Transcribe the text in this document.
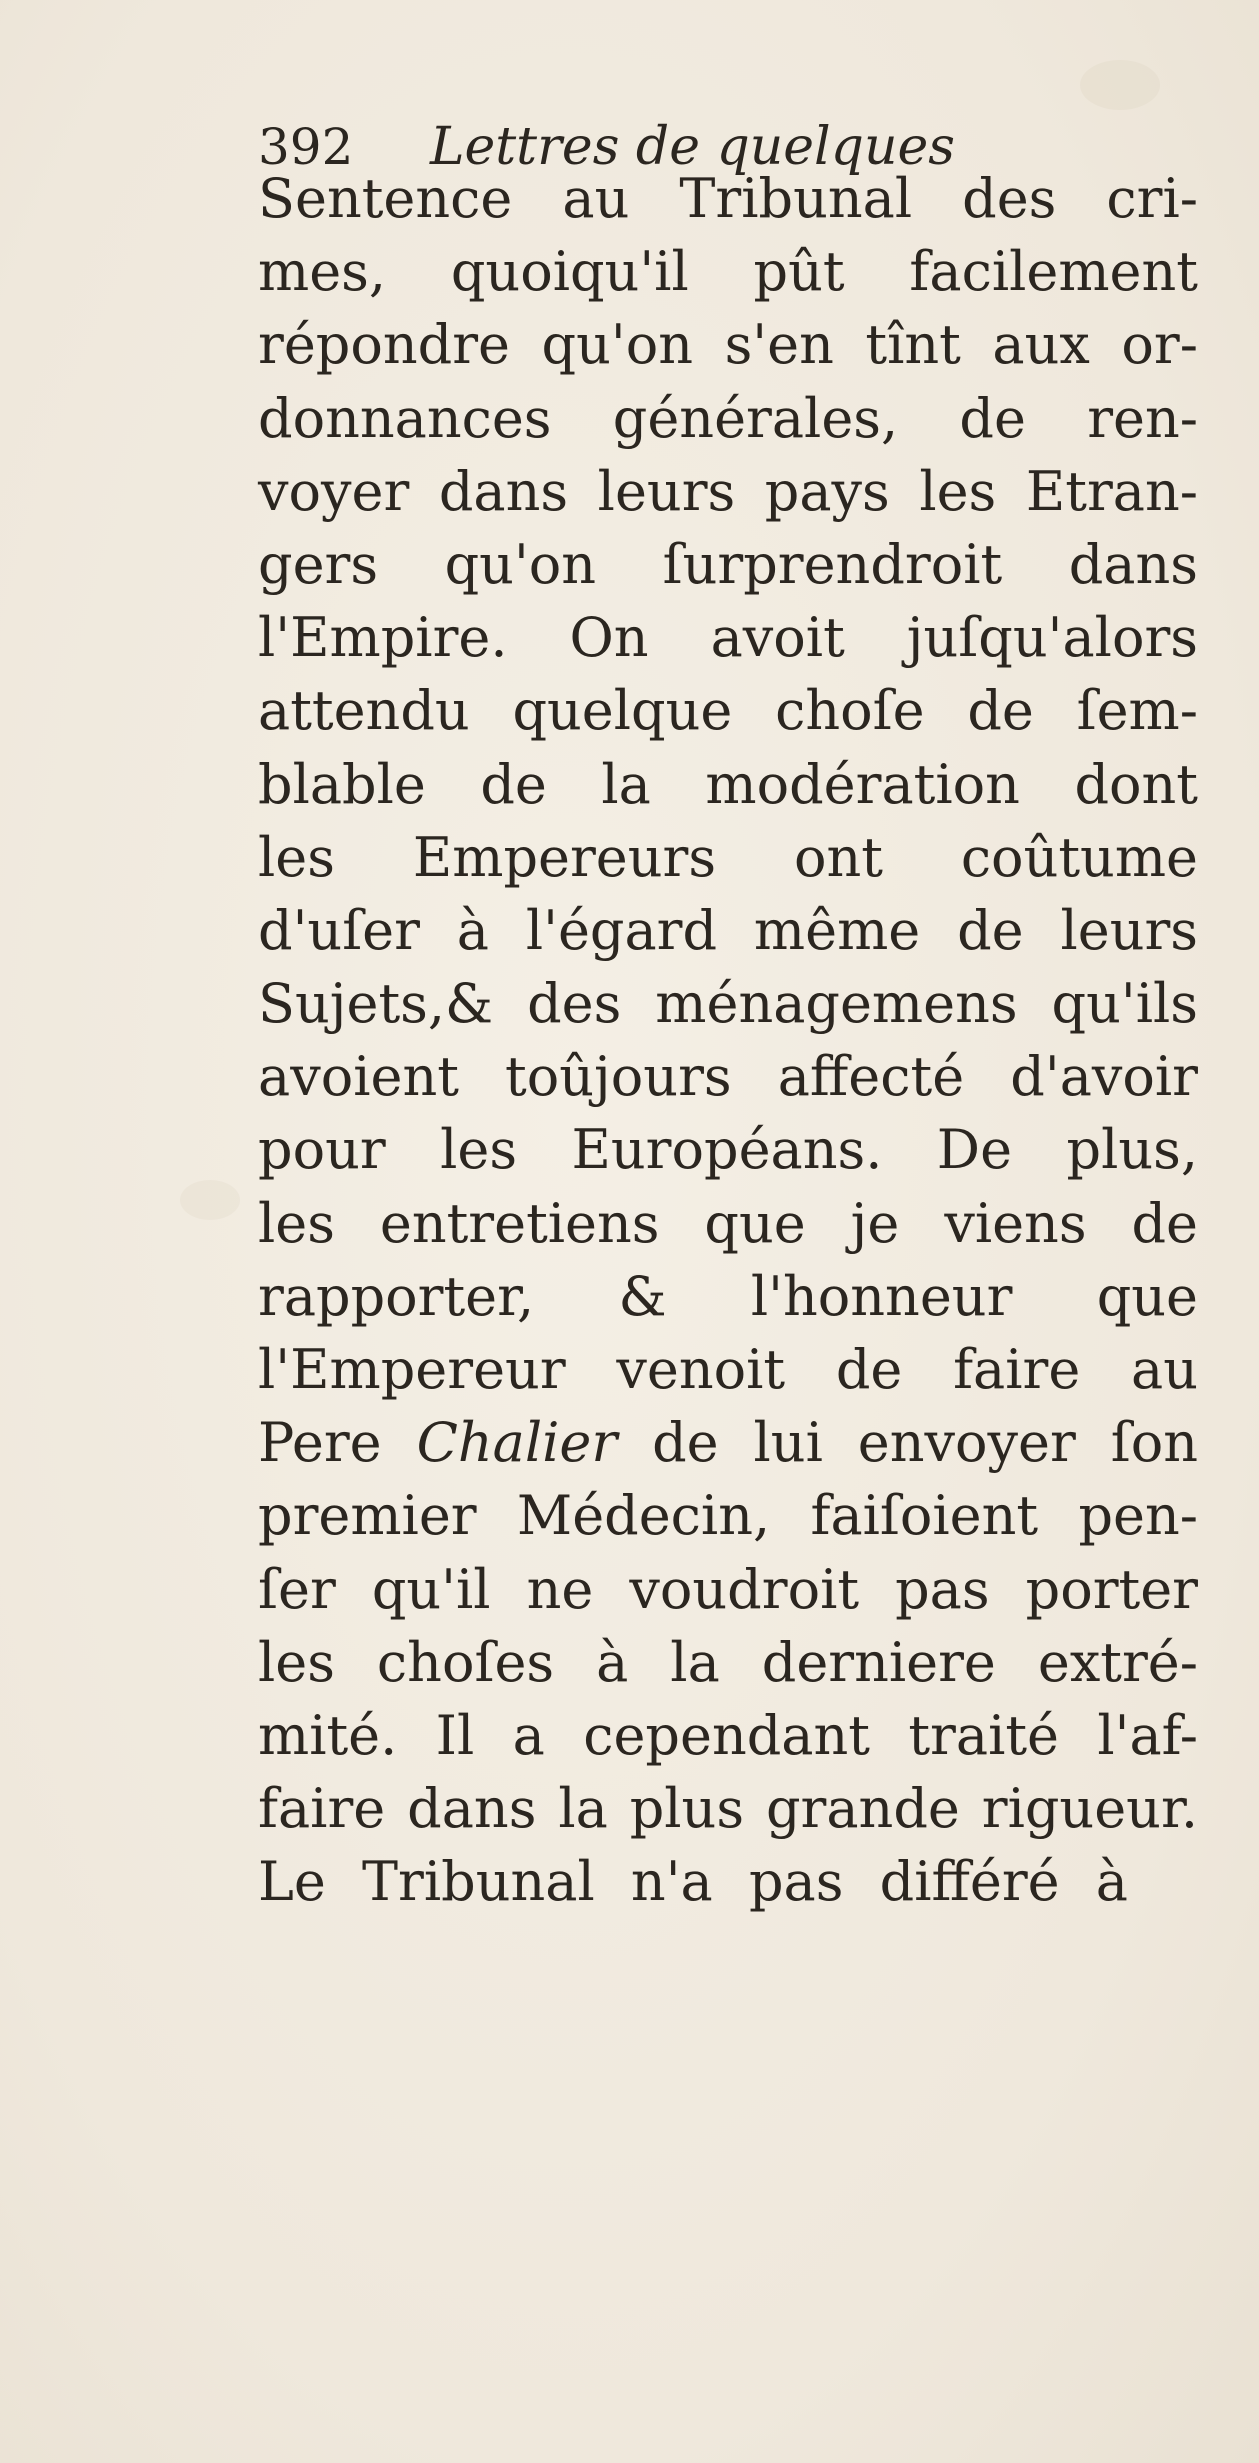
392 Lettres de quelques
Sentence au Tribunal des cri-
mes, quoiqu'il pût facilement
répondre qu'on s'en tînt aux or-
donnances générales, de ren-
voyer dans leurs pays les Etran-
gers qu'on ſurprendroit dans
l'Empire. On avoit juſqu'alors
attendu quelque choſe de ſem-
blable de la modération dont
les Empereurs ont coûtume
d'uſer à l'égard même de leurs
Sujets,& des ménagemens qu'ils
avoient toûjours affecté d'avoir
pour les Européans. De plus,
les entretiens que je viens de
rapporter, & l'honneur que
l'Empereur venoit de faire au
Pere Chalier de lui envoyer ſon
premier Médecin, faiſoient pen-
ſer qu'il ne voudroit pas porter
les choſes à la derniere extré-
mité. Il a cependant traité l'af-
faire dans la plus grande rigueur.
Le Tribunal n'a pas différé à
